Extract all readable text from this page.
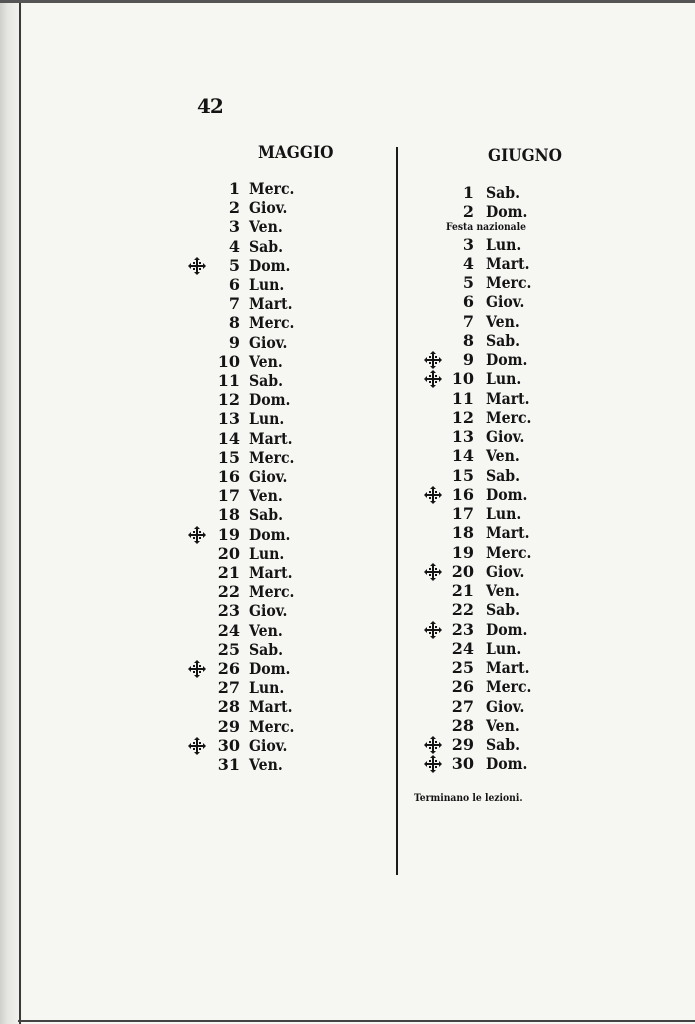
42
MAGGIO	GIUGNO
1 Merc.
2 Giov.
3 Ven.
4 Sab.
5 Dom.
6 Lun.
7 Mart.
8 Merc.
9 Giov.
10 Ven.
11 Sab.
12 Dom.
13 Lun.
14 Mart.
15 Merc.
16 Giov.
17 Ven.
18 Sab.
19 Dom.
20 Lun.
21 Mart.
22 Merc.
23 Giov.
24 Ven.
25 Sab.
26 Dom.
27 Lun.
28 Mart.
29 Merc.
30 Giov.
31 Ven.
1 Sab.
2 Dom.
3 Lun.
4 Mart.
5 Merc.
6 Giov.
7 Ven.
8 Sab.
9 Dom.
10 Lun.
11 Mart.
12 Merc.
13 Giov.
14 Ven.
15 Sab.
16 Dom.
17 Lun.
18 Mart.
19 Merc.
20 Giov.
21 Ven.
22 Sab.
23 Dom.
24 Lun.
25 Mart.
26 Merc.
27 Giov.
28 Ven.
29 Sab.
30 Dom.
Festa nazionale
Terminano le lezioni.
